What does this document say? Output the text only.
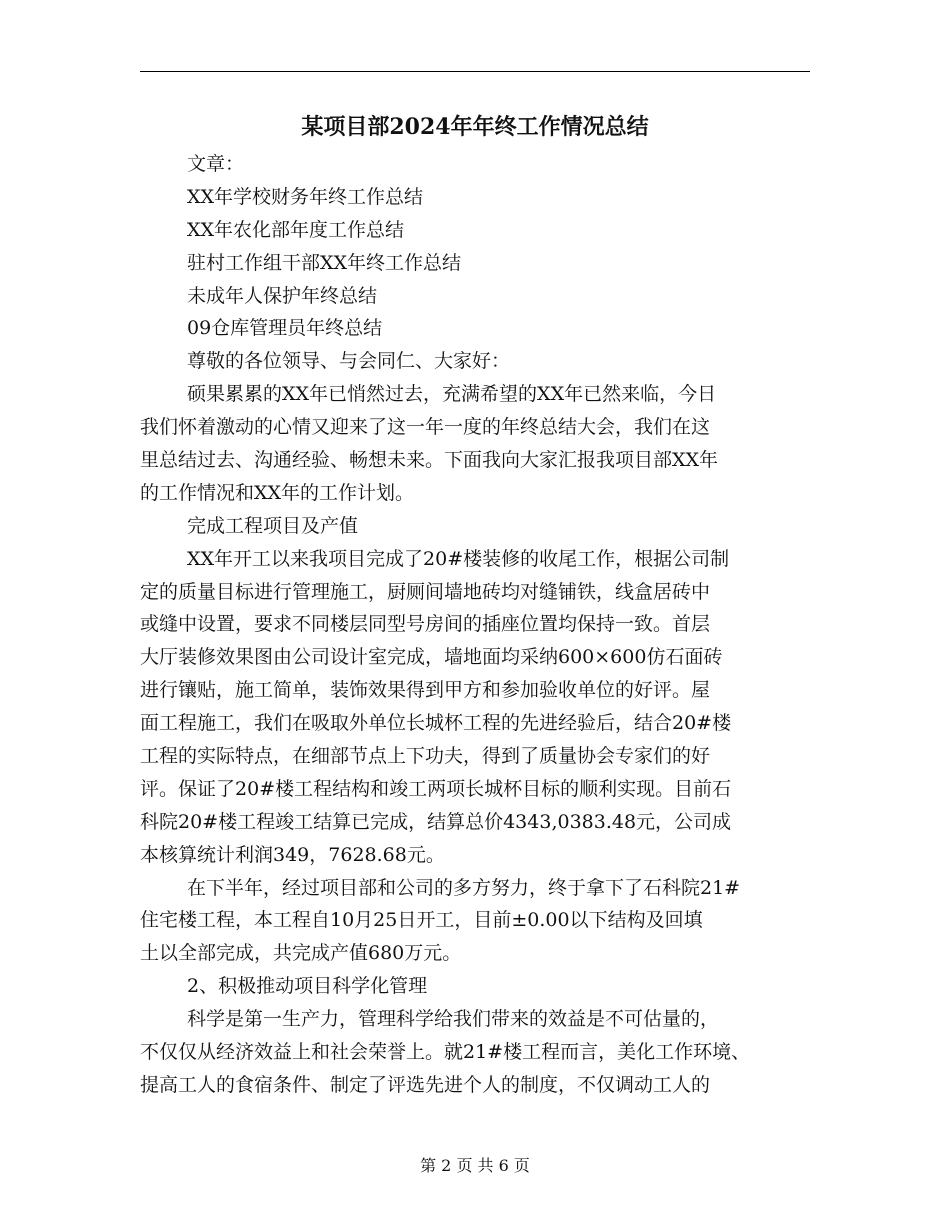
某项目部2024年年终工作情况总结
文章：
XX年学校财务年终工作总结
XX年农化部年度工作总结
驻村工作组干部XX年终工作总结
未成年人保护年终总结
09仓库管理员年终总结
尊敬的各位领导、与会同仁、大家好：
硕果累累的XX年已悄然过去，充满希望的XX年已然来临，今日
我们怀着激动的心情又迎来了这一年一度的年终总结大会，我们在这
里总结过去、沟通经验、畅想未来。下面我向大家汇报我项目部XX年
的工作情况和XX年的工作计划。
完成工程项目及产值
XX年开工以来我项目完成了20#楼装修的收尾工作，根据公司制
定的质量目标进行管理施工，厨厕间墙地砖均对缝铺铁，线盒居砖中
或缝中设置，要求不同楼层同型号房间的插座位置均保持一致。首层
大厅装修效果图由公司设计室完成，墙地面均采纳600×600仿石面砖
进行镶贴，施工简单，装饰效果得到甲方和参加验收单位的好评。屋
面工程施工，我们在吸取外单位长城杯工程的先进经验后，结合20#楼
工程的实际特点，在细部节点上下功夫，得到了质量协会专家们的好
评。保证了20#楼工程结构和竣工两项长城杯目标的顺利实现。目前石
科院20#楼工程竣工结算已完成，结算总价4343,0383.48元，公司成
本核算统计利润349，7628.68元。
在下半年，经过项目部和公司的多方努力，终于拿下了石科院21#
住宅楼工程，本工程自10月25日开工，目前±0.00以下结构及回填
土以全部完成，共完成产值680万元。
2、积极推动项目科学化管理
科学是第一生产力，管理科学给我们带来的效益是不可估量的，
不仅仅从经济效益上和社会荣誉上。就21#楼工程而言，美化工作环境、
提高工人的食宿条件、制定了评选先进个人的制度，不仅调动工人的
第 2 页 共 6 页
